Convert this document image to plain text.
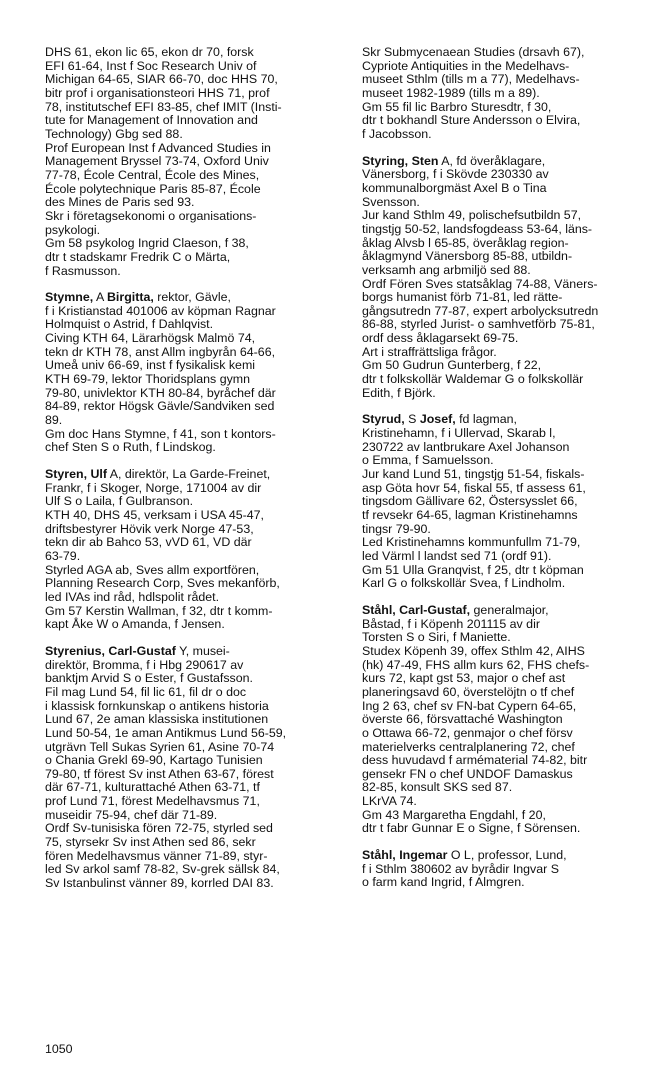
DHS 61, ekon lic 65, ekon dr 70, forsk
EFI 61-64, Inst f Soc Research Univ of
Michigan 64-65, SIAR 66-70, doc HHS 70,
bitr prof i organisationsteori HHS 71, prof
78, institutschef EFI 83-85, chef IMIT (Insti-
tute for Management of Innovation and
Technology) Gbg sed 88.
Prof European Inst f Advanced Studies in
Management Bryssel 73-74, Oxford Univ
77-78, École Central, École des Mines,
École polytechnique Paris 85-87, École
des Mines de Paris sed 93.
Skr i företagsekonomi o organisations-
psykologi.
Gm 58 psykolog Ingrid Claeson, f 38,
dtr t stadskamr Fredrik C o Märta,
f Rasmusson.
Stymne, A Birgitta, rektor, Gävle,
f i Kristianstad 401006 av köpman Ragnar
Holmquist o Astrid, f Dahlqvist.
Civing KTH 64, Lärarhögsk Malmö 74,
tekn dr KTH 78, anst Allm ingbyrån 64-66,
Umeå univ 66-69, inst f fysikalisk kemi
KTH 69-79, lektor Thoridsplans gymn
79-80, univlektor KTH 80-84, byråchef där
84-89, rektor Högsk Gävle/Sandviken sed
89.
Gm doc Hans Stymne, f 41, son t kontors-
chef Sten S o Ruth, f Lindskog.
Styren, Ulf A, direktör, La Garde-Freinet,
Frankr, f i Skoger, Norge, 171004 av dir
Ulf S o Laila, f Gulbranson.
KTH 40, DHS 45, verksam i USA 45-47,
driftsbestyrer Hövik verk Norge 47-53,
tekn dir ab Bahco 53, vVD 61, VD där
63-79.
Styrled AGA ab, Sves allm exportfören,
Planning Research Corp, Sves mekanförb,
led IVAs ind råd, hdlspolit rådet.
Gm 57 Kerstin Wallman, f 32, dtr t komm-
kapt Åke W o Amanda, f Jensen.
Styrenius, Carl-Gustaf Y, musei-
direktör, Bromma, f i Hbg 290617 av
banktjm Arvid S o Ester, f Gustafsson.
Fil mag Lund 54, fil lic 61, fil dr o doc
i klassisk fornkunskap o antikens historia
Lund 67, 2e aman klassiska institutionen
Lund 50-54, 1e aman Antikmus Lund 56-59,
utgrävn Tell Sukas Syrien 61, Asine 70-74
o Chania Grekl 69-90, Kartago Tunisien
79-80, tf förest Sv inst Athen 63-67, förest
där 67-71, kulturattaché Athen 63-71, tf
prof Lund 71, förest Medelhavsmus 71,
museidir 75-94, chef där 71-89.
Ordf Sv-tunisiska fören 72-75, styrled sed
75, styrsekr Sv inst Athen sed 86, sekr
fören Medelhavsmus vänner 71-89, styr-
led Sv arkol samf 78-82, Sv-grek sällsk 84,
Sv Istanbulinst vänner 89, korrled DAI 83.
Skr Submycenaean Studies (drsavh 67),
Cypriote Antiquities in the Medelhavs-
museet Sthlm (tills m a 77), Medelhavs-
museet 1982-1989 (tills m a 89).
Gm 55 fil lic Barbro Sturesdtr, f 30,
dtr t bokhandl Sture Andersson o Elvira,
f Jacobsson.
Styring, Sten A, fd överåklagare,
Vänersborg, f i Skövde 230330 av
kommunalborgmäst Axel B o Tina
Svensson.
Jur kand Sthlm 49, polischefsutbildn 57,
tingstjg 50-52, landsfogdeass 53-64, läns-
åklag Alvsb l 65-85, överåklag region-
åklagmynd Vänersborg 85-88, utbildn-
verksamh ang arbmiljö sed 88.
Ordf Fören Sves statsåklag 74-88, Väners-
borgs humanist förb 71-81, led rätte-
gångsutredn 77-87, expert arbolycksutredn
86-88, styrled Jurist- o samhvetförb 75-81,
ordf dess åklagarsekt 69-75.
Art i straffrättsliga frågor.
Gm 50 Gudrun Gunterberg, f 22,
dtr t folkskollär Waldemar G o folkskollär
Edith, f Björk.
Styrud, S Josef, fd lagman,
Kristinehamn, f i Ullervad, Skarab l,
230722 av lantbrukare Axel Johanson
o Emma, f Samuelsson.
Jur kand Lund 51, tingstjg 51-54, fiskals-
asp Göta hovr 54, fiskal 55, tf assess 61,
tingsdom Gällivare 62, Östersysslet 66,
tf revsekr 64-65, lagman Kristinehamns
tingsr 79-90.
Led Kristinehamns kommunfullm 71-79,
led Värml l landst sed 71 (ordf 91).
Gm 51 Ulla Granqvist, f 25, dtr t köpman
Karl G o folkskollär Svea, f Lindholm.
Ståhl, Carl-Gustaf, generalmajor,
Båstad, f i Köpenh 201115 av dir
Torsten S o Siri, f Maniette.
Studex Köpenh 39, offex Sthlm 42, AIHS
(hk) 47-49, FHS allm kurs 62, FHS chefs-
kurs 72, kapt gst 53, major o chef ast
planeringsavd 60, överstelöjtn o tf chef
Ing 2 63, chef sv FN-bat Cypern 64-65,
överste 66, försvattaché Washington
o Ottawa 66-72, genmajor o chef försv
materielverks centralplanering 72, chef
dess huvudavd f armématerial 74-82, bitr
gensekr FN o chef UNDOF Damaskus
82-85, konsult SKS sed 87.
LKrVA 74.
Gm 43 Margaretha Engdahl, f 20,
dtr t fabr Gunnar E o Signe, f Sörensen.
Ståhl, Ingemar O L, professor, Lund,
f i Sthlm 380602 av byrådir Ingvar S
o farm kand Ingrid, f Almgren.
1050
